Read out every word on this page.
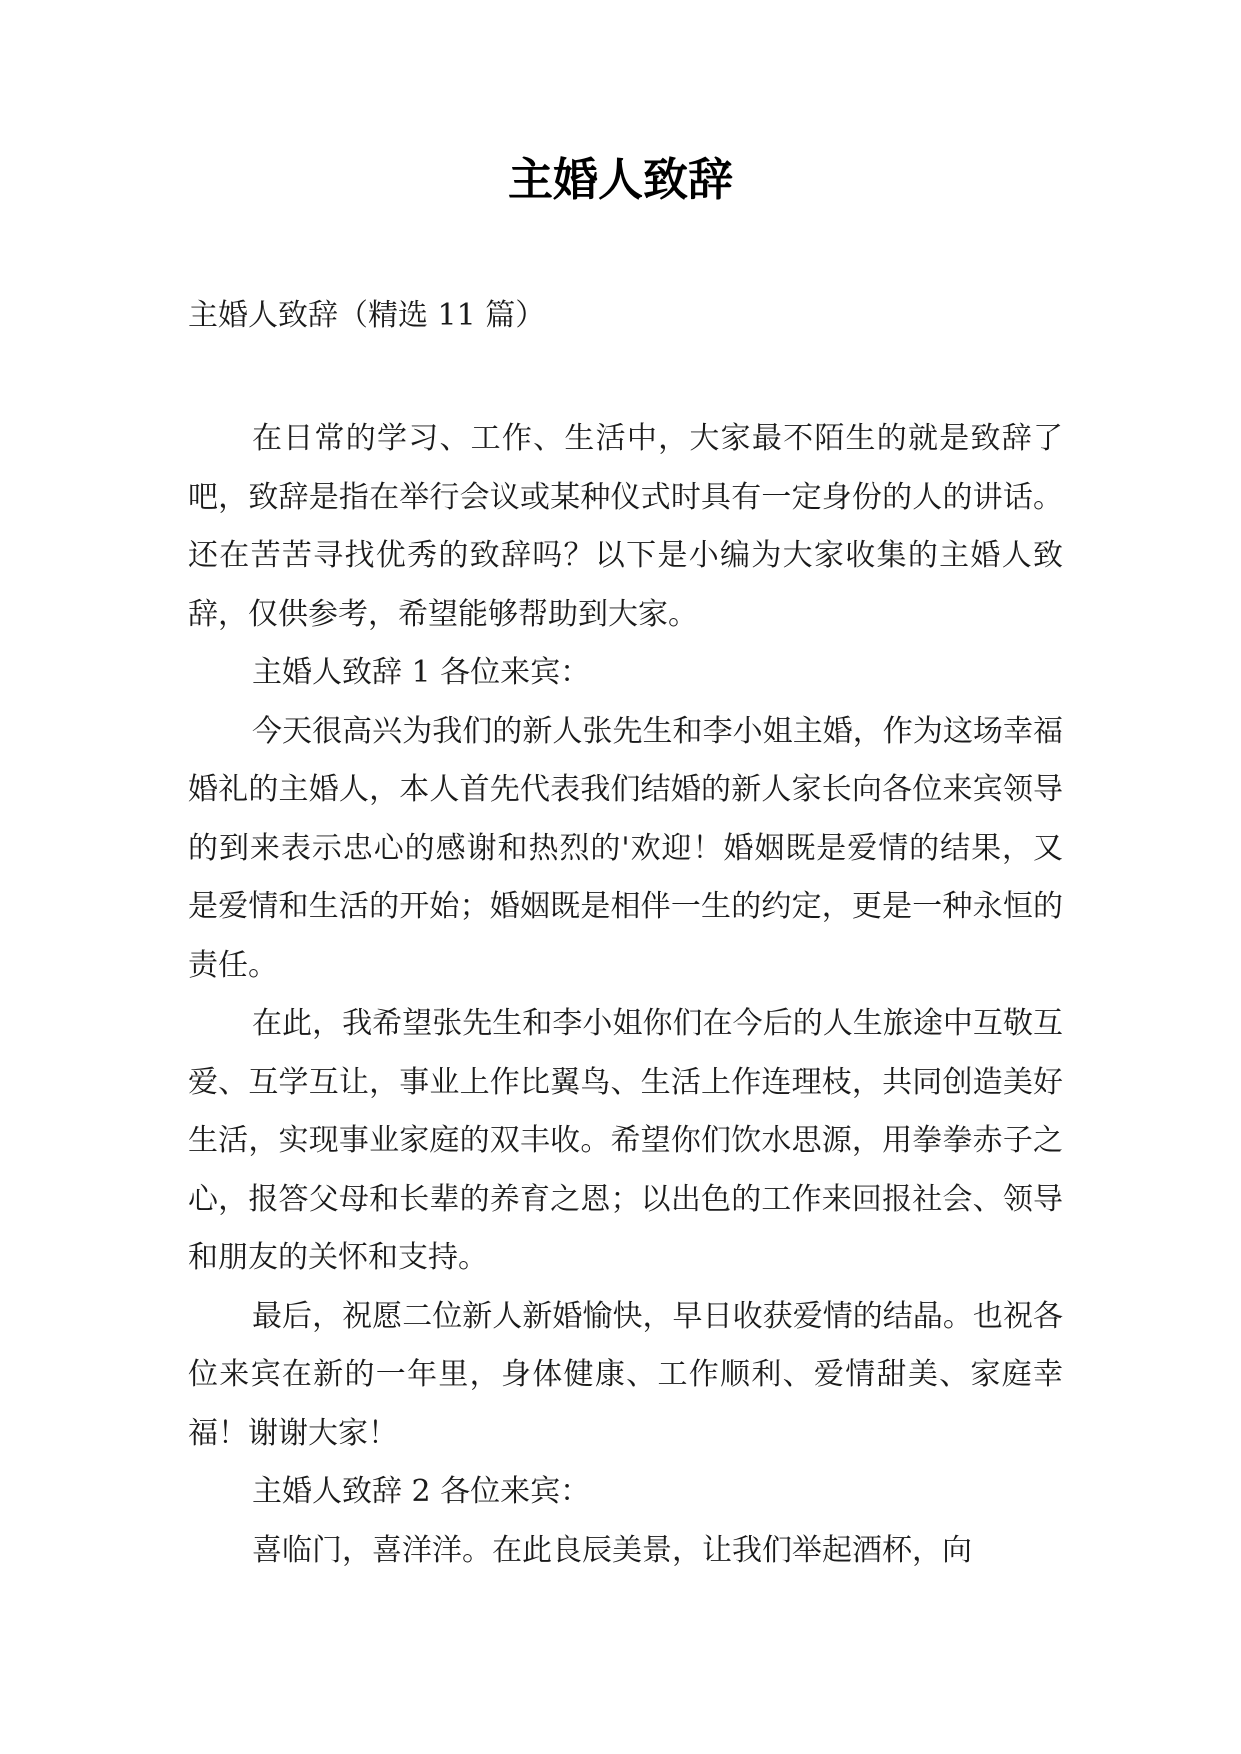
主婚人致辞
主婚人致辞（精选 11 篇）

在日常的学习、工作、生活中，大家最不陌生的就是致辞了吧，致辞是指在举行会议或某种仪式时具有一定身份的人的讲话。还在苦苦寻找优秀的致辞吗？以下是小编为大家收集的主婚人致辞，仅供参考，希望能够帮助到大家。

主婚人致辞 1 各位来宾：

今天很高兴为我们的新人张先生和李小姐主婚，作为这场幸福婚礼的主婚人，本人首先代表我们结婚的新人家长向各位来宾领导的到来表示忠心的感谢和热烈的'欢迎！婚姻既是爱情的结果，又是爱情和生活的开始；婚姻既是相伴一生的约定，更是一种永恒的责任。

在此，我希望张先生和李小姐你们在今后的人生旅途中互敬互爱、互学互让，事业上作比翼鸟、生活上作连理枝，共同创造美好生活，实现事业家庭的双丰收。希望你们饮水思源，用拳拳赤子之心，报答父母和长辈的养育之恩；以出色的工作来回报社会、领导和朋友的关怀和支持。

最后，祝愿二位新人新婚愉快，早日收获爱情的结晶。也祝各位来宾在新的一年里，身体健康、工作顺利、爱情甜美、家庭幸福！谢谢大家！

主婚人致辞 2 各位来宾：

喜临门，喜洋洋。在此良辰美景，让我们举起酒杯，向
